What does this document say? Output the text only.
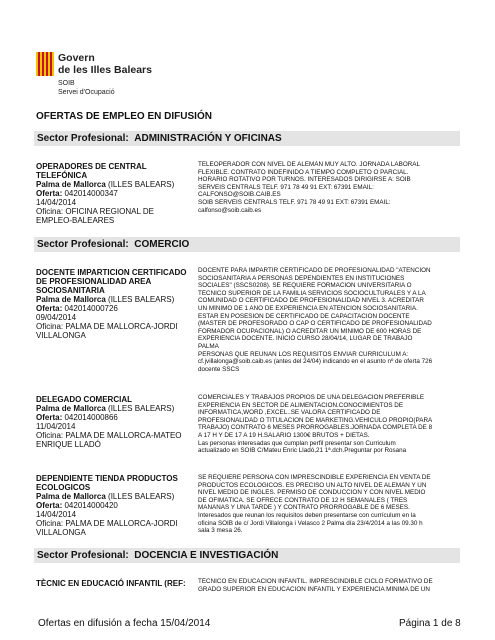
Govern
de les Illes Balears
SOIB
Servei d'Ocupació
OFERTAS DE EMPLEO EN DIFUSIÓN
Sector Profesional: ADMINISTRACIÓN Y OFICINAS
OPERADORES DE CENTRAL
TELEFÓNICA
Palma de Mallorca (ILLES BALEARS)
Oferta: 042014000347
14/04/2014
Oficina: OFICINA REGIONAL DE
EMPLEO-BALEARES
TELEOPERADOR CON NIVEL DE ALEMÁN MUY ALTO. JORNADA LABORAL
FLEXIBLE. CONTRATO INDEFINIDO A TIEMPO COMPLETO O PARCIAL.
HORARIO ROTATIVO POR TURNOS. INTERESADOS DIRIGIRSE A: SOIB
SERVEIS CENTRALS TELF. 971 78 49 91 EXT: 67391 EMAIL:
CALFONSO@SOIB.CAIB.ES
SOIB SERVEIS CENTRALS TELF. 971 78 49 91 EXT: 67391 EMAIL:
calfonso@soib.caib.es
Sector Profesional: COMERCIO
DOCENTE IMPARTICION CERTIFICADO
DE PROFESIONALIDAD AREA
SOCIOSANITARIA
Palma de Mallorca (ILLES BALEARS)
Oferta: 042014000726
09/04/2014
Oficina: PALMA DE MALLORCA-JORDI
VILLALONGA
DOCENTE PARA IMPARTIR CERTIFICADO DE PROFESIONALIDAD "ATENCION
SOCIOSANITARIA A PERSONAS DEPENDIENTES EN INSTITUCIONES
SOCIALES" (SSCS0208). SE REQUIERE FORMACION UNIVERSITARIA O
TÉCNICO SUPERIOR DE LA FAMILIA SERVICIOS SOCIOCULTURALES Y A LA
COMUNIDAD O CERTIFICADO DE PROFESIONALIDAD NIVEL 3. ACREDITAR
UN MÍNIMO DE 1 AÑO DE EXPERIENCIA EN ATENCIÓN SOCIOSANITARIA.
ESTAR EN POSESIÓN DE CERTIFICADO DE CAPACITACIÓN DOCENTE
(MASTER DE PROFESORADO O CAP O CERTIFICADO DE PROFESIONALIDAD
FORMADOR OCUPACIONAL) O ACREDITAR UN MÍNIMO DE 600 HORAS DE
EXPERIENCIA DOCENTE. INICIO CURSO 28/04/14, LUGAR DE TRABAJO
PALMA
PERSONAS QUE REÚNAN LOS REQUISITOS ENVIAR CURRICULUM A:
cf.jvillalonga@soib.caib.es (antes del 24/04) indicando en el asunto nº de oferta 726
docente SSCS
DELEGADO COMERCIAL
Palma de Mallorca (ILLES BALEARS)
Oferta: 042014000866
11/04/2014
Oficina: PALMA DE MALLORCA-MATEO
ENRIQUE LLADÓ
COMERCIALES Y TRABAJOS PROPIOS DE UNA DELEGACIÓN PREFERIBLE
EXPERIENCIA EN SECTOR DE ALIMENTACIÓN.CONOCIMIENTOS DE
INFORMÁTICA,WORD ,EXCEL..SE VALORA CERTIFICADO DE
PROFESIONALIDAD O TITULACIÓN DE MARKETING.VEHÍCULO PROPIO(PARA
TRABAJO) CONTRATO 6 MESES PRORROGABLES.JORNADA COMPLETA DE 8
A 17 H Y DE 17 A 19 H.SALARIO 1300€ BRUTOS + DIETAS.
Las personas interesadas que cumplan perfil presentar son Curriculum
actualizado en SOIB C/Mateu Enric Lladó,21 1ª.dch.Preguntar por Rosana
DEPENDIENTE TIENDA PRODUCTOS
ECOLOGICOS
Palma de Mallorca (ILLES BALEARS)
Oferta: 042014000420
14/04/2014
Oficina: PALMA DE MALLORCA-JORDI
VILLALONGA
SE REQUIERE PERSONA CON IMPRESCINDIBLE EXPERIENCIA EN VENTA DE
PRODUCTOS ECOLÓGICOS. ES PRECISO UN ALTO NIVEL DE ALEMÁN Y UN
NIVEL MEDIO DE INGLÉS. PERMISO DE CONDUCCIÓN Y CON NIVEL MEDIO
DE OFIMÁTICA. SE OFRECE CONTRATO DE 12 H SEMANALES ( TRES
MAÑANAS Y UNA TARDE ) Y CONTRATO PRORROGABLE DE 6 MESES.
Interesados que reunan los requisitos deben presentarse con currículum en la
oficina SOIB de c/ Jordi Villalonga i Velasco 2 Palma día 23/4/2014 a las 09.30 h
sala 3 mesa 26.
Sector Profesional: DOCENCIA E INVESTIGACIÓN
TÈCNIC EN EDUCACIÓ INFANTIL (REF:	TÉCNICO EN EDUCACIÓN INFANTIL. IMPRESCINDIBLE CICLO FORMATIVO DE
GRADO SUPERIOR EN EDUCACIÓN INFANTIL Y EXPERIENCIA MÍNIMA DE UN
Ofertas en difusión a fecha 15/04/2014	Página 1 de 8
